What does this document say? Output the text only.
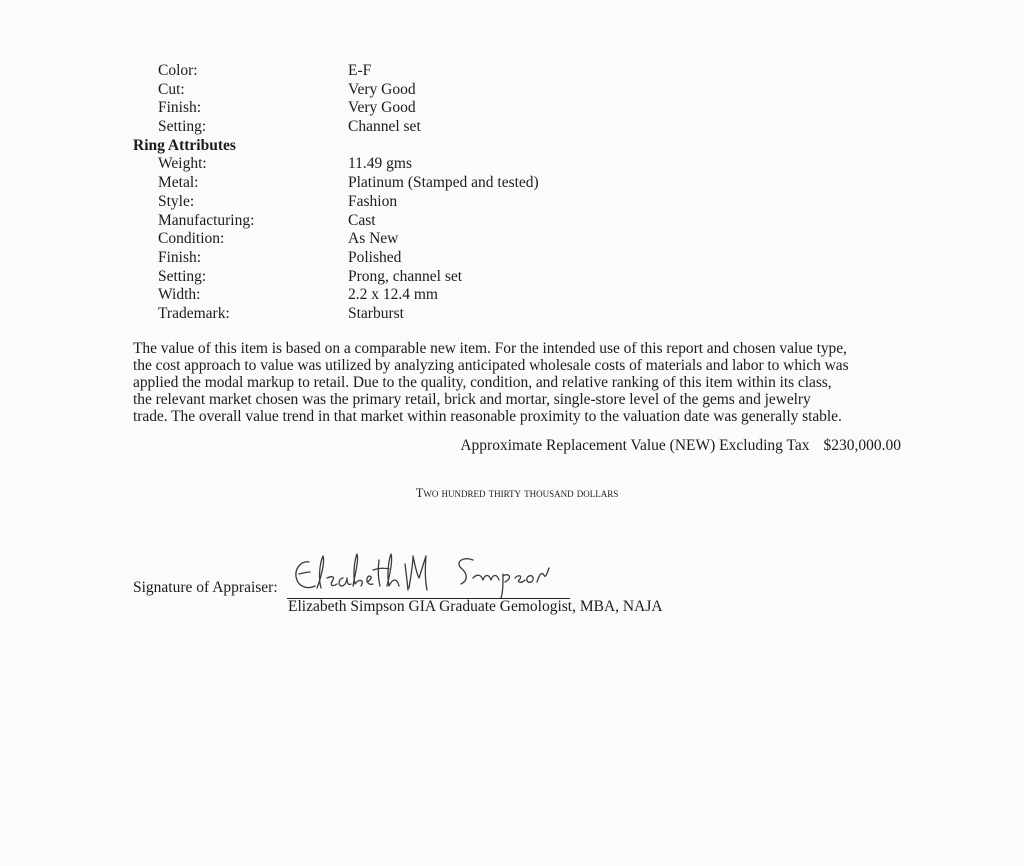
Color:	E-F
Cut:	Very Good
Finish:	Very Good
Setting:	Channel set
Ring Attributes
Weight:	11.49 gms
Metal:	Platinum (Stamped and tested)
Style:	Fashion
Manufacturing:	Cast
Condition:	As New
Finish:	Polished
Setting:	Prong, channel set
Width:	2.2 x 12.4 mm
Trademark:	Starburst

The value of this item is based on a comparable new item. For the intended use of this report and chosen value type,

the cost approach to value was utilized by analyzing anticipated wholesale costs of materials and labor to which was

applied the modal markup to retail. Due to the quality, condition, and relative ranking of this item within its class,

the relevant market chosen was the primary retail, brick and mortar, single-store level of the gems and jewelry

trade. The overall value trend in that market within reasonable proximity to the valuation date was generally stable.

Approximate Replacement Value (NEW) Excluding Tax $230,000.00
Two hundred thirty thousand dollars
Signature of Appraiser:
Elizabeth Simpson GIA Graduate Gemologist, MBA, NAJA
